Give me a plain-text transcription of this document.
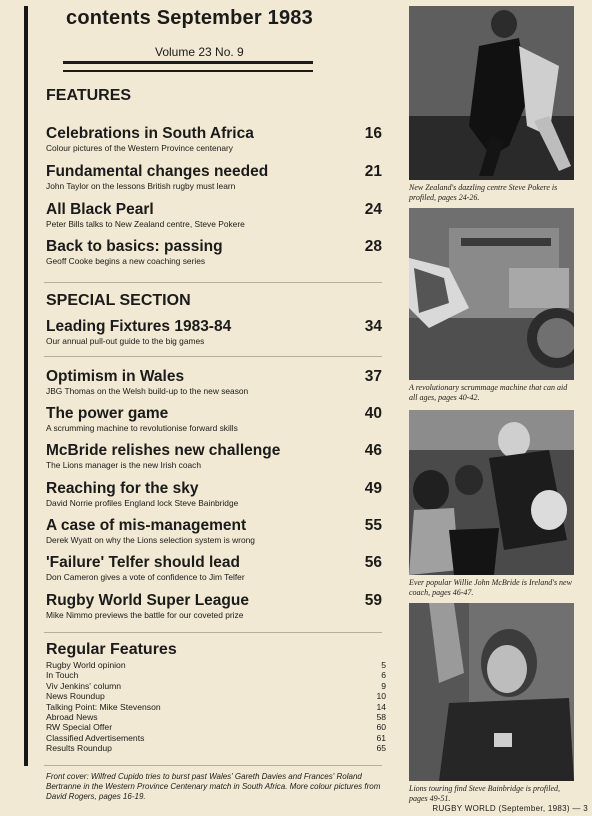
contents September 1983
Volume 23 No. 9
FEATURES
Celebrations in South Africa
Colour pictures of the Western Province centenary
16
Fundamental changes needed
John Taylor on the lessons British rugby must learn
21
All Black Pearl
Peter Bills talks to New Zealand centre, Steve Pokere
24
Back to basics: passing
Geoff Cooke begins a new coaching series
28
SPECIAL SECTION
Leading Fixtures 1983-84
Our annual pull-out guide to the big games
34
Optimism in Wales
JBG Thomas on the Welsh build-up to the new season
37
The power game
A scrumming machine to revolutionise forward skills
40
McBride relishes new challenge
The Lions manager is the new Irish coach
46
Reaching for the sky
David Norrie profiles England lock Steve Bainbridge
49
A case of mis-management
Derek Wyatt on why the Lions selection system is wrong
55
'Failure' Telfer should lead
Don Cameron gives a vote of confidence to Jim Telfer
56
Rugby World Super League
Mike Nimmo previews the battle for our coveted prize
59
Regular Features
Rugby World opinion	5
In Touch	6
Viv Jenkins' column	9
News Roundup	10
Talking Point: Mike Stevenson	14
Abroad News	58
RW Special Offer	60
Classified Advertisements	61
Results Roundup	65
Front cover: Wilfred Cupido tries to burst past Wales' Gareth Davies and Frances' Roland Bertranne in the Western Province Centenary match in South Africa. More colour pictures from David Rogers, pages 16-19.
New Zealand's dazzling centre Steve Pokere is profiled, pages 24-26.
A revolutionary scrummage machine that can aid all ages, pages 40-42.
Ever popular Willie John McBride is Ireland's new coach, pages 46-47.
Lions touring find Steve Bainbridge is profiled, pages 49-51.
RUGBY WORLD (September, 1983) — 3
